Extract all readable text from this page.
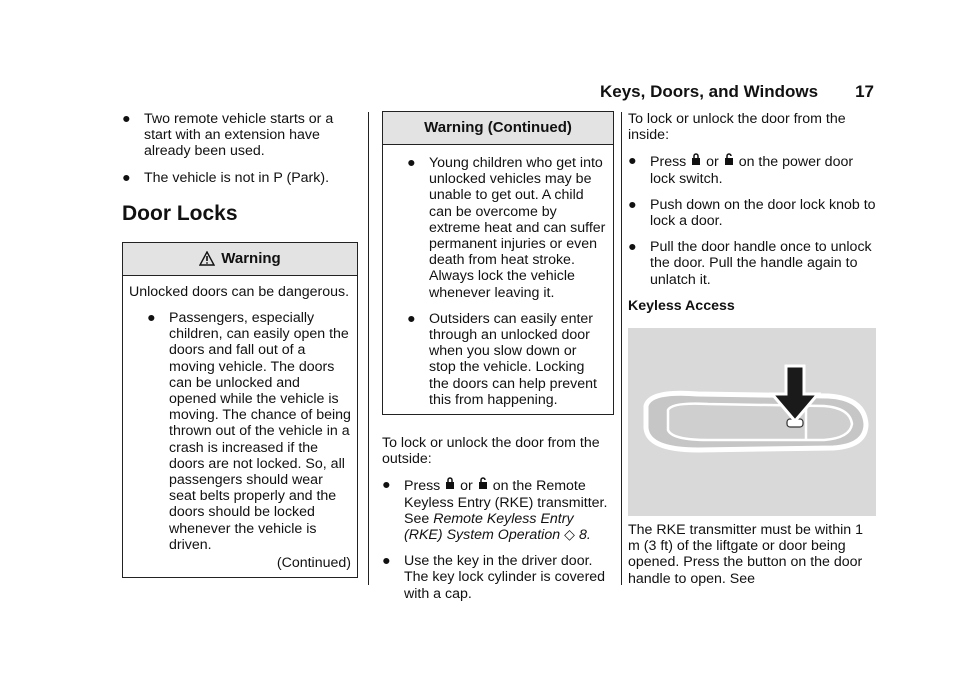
Keys, Doors, and Windows 17
● Two remote vehicle starts or a start with an extension have already been used.
● The vehicle is not in P (Park).
Door Locks
Warning
Unlocked doors can be dangerous.
● Passengers, especially children, can easily open the doors and fall out of a moving vehicle. The doors can be unlocked and opened while the vehicle is moving. The chance of being thrown out of the vehicle in a crash is increased if the doors are not locked. So, all passengers should wear seat belts properly and the doors should be locked whenever the vehicle is driven.
(Continued)
Warning (Continued)
● Young children who get into unlocked vehicles may be unable to get out. A child can be overcome by extreme heat and can suffer permanent injuries or even death from heat stroke. Always lock the vehicle whenever leaving it.
● Outsiders can easily enter through an unlocked door when you slow down or stop the vehicle. Locking the doors can help prevent this from happening.
To lock or unlock the door from the outside:
● Press or on the Remote Keyless Entry (RKE) transmitter. See Remote Keyless Entry (RKE) System Operation ◇ 8.
● Use the key in the driver door. The key lock cylinder is covered with a cap.
To lock or unlock the door from the inside:
● Press or on the power door lock switch.
● Push down on the door lock knob to lock a door.
● Pull the door handle once to unlock the door. Pull the handle again to unlatch it.
Keyless Access
The RKE transmitter must be within 1 m (3 ft) of the liftgate or door being opened. Press the button on the door handle to open. See
